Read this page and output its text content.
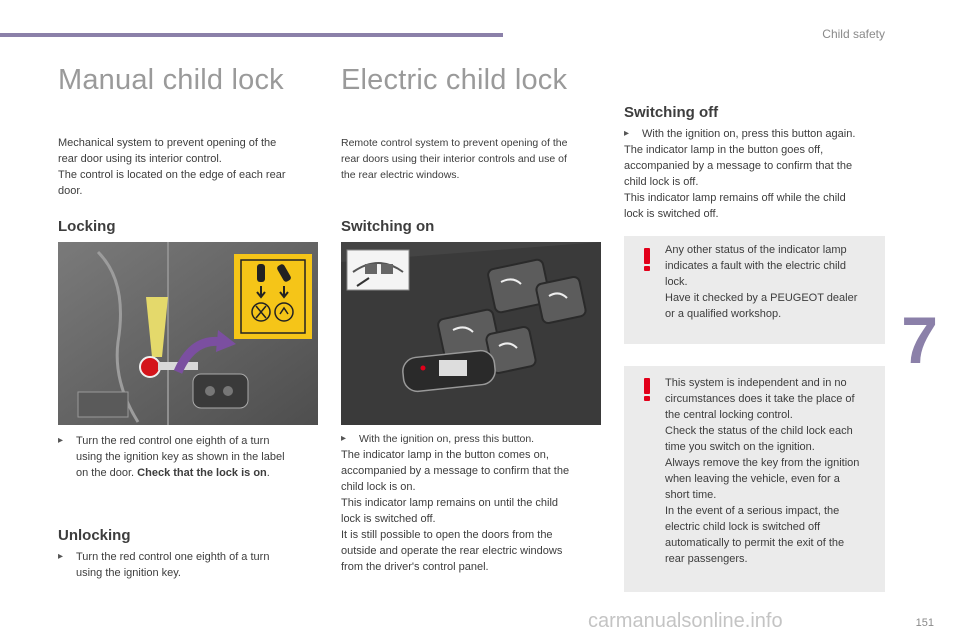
Child safety
7
151
Manual child lock

Mechanical system to prevent opening of the

rear door using its interior control.

The control is located on the edge of each rear

door.

Locking
▸	Turn the red control one eighth of a turn

using the ignition key as shown in the label

on the door. Check that the lock is on.

Unlocking
▸	Turn the red control one eighth of a turn

using the ignition key.

Electric child lock

Remote control system to prevent opening of the

rear doors using their interior controls and use of

the rear electric windows.

Switching on
▸	With the ignition on, press this button.

The indicator lamp in the button comes on,

accompanied by a message to confirm that the

child lock is on.

This indicator lamp remains on until the child

lock is switched off.

It is still possible to open the doors from the

outside and operate the rear electric windows

from the driver's control panel.

Switching off
▸	With the ignition on, press this button again.

The indicator lamp in the button goes off,

accompanied by a message to confirm that the

child lock is off.

This indicator lamp remains off while the child

lock is switched off.

Any other status of the indicator lamp

indicates a fault with the electric child

lock.

Have it checked by a PEUGEOT dealer

or a qualified workshop.

This system is independent and in no

circumstances does it take the place of

the central locking control.

Check the status of the child lock each

time you switch on the ignition.

Always remove the key from the ignition

when leaving the vehicle, even for a

short time.

In the event of a serious impact, the

electric child lock is switched off

automatically to permit the exit of the

rear passengers.

carmanualsonline.info
